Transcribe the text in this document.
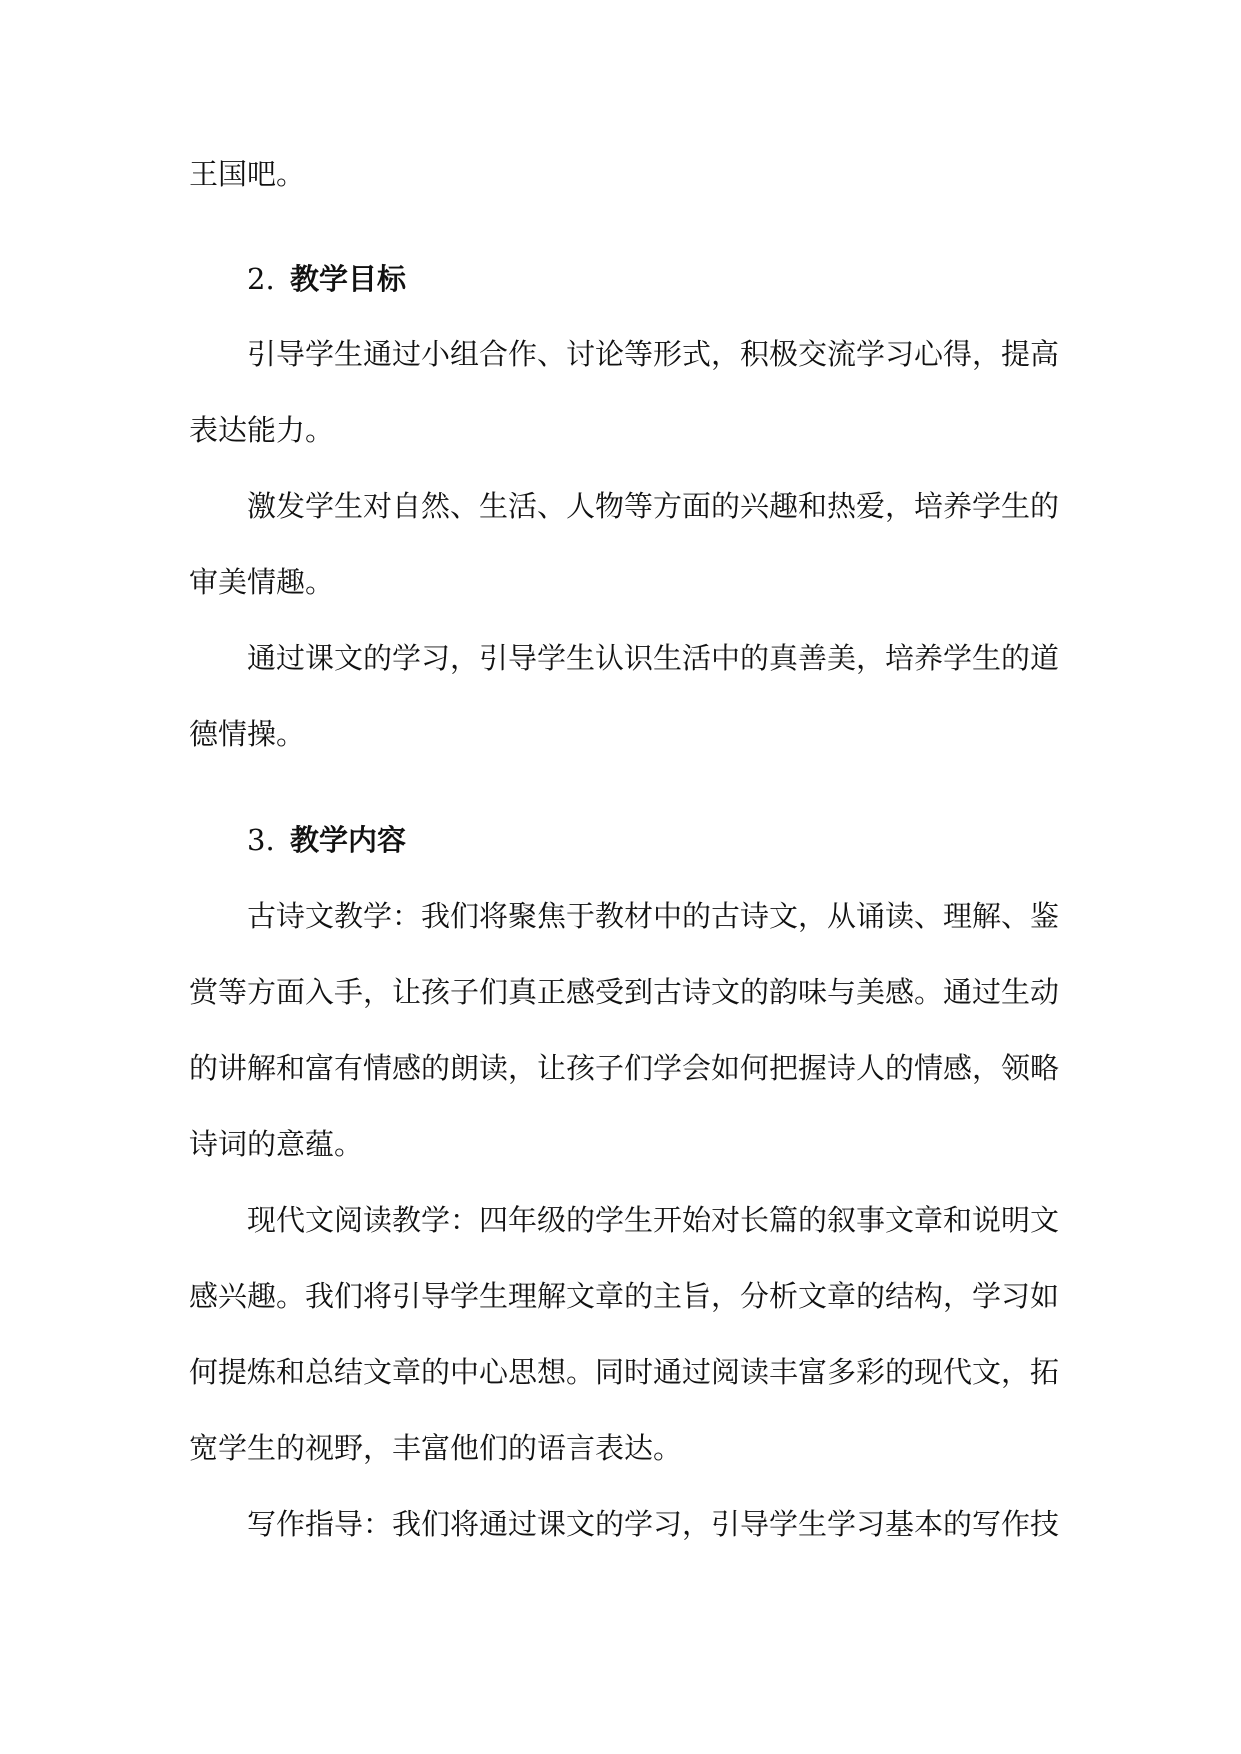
王国吧。
2. 教学目标
引导学生通过小组合作、讨论等形式，积极交流学习心得，提高
表达能力。
激发学生对自然、生活、人物等方面的兴趣和热爱，培养学生的
审美情趣。
通过课文的学习，引导学生认识生活中的真善美，培养学生的道
德情操。
3. 教学内容
古诗文教学：我们将聚焦于教材中的古诗文，从诵读、理解、鉴
赏等方面入手，让孩子们真正感受到古诗文的韵味与美感。通过生动
的讲解和富有情感的朗读，让孩子们学会如何把握诗人的情感，领略
诗词的意蕴。
现代文阅读教学：四年级的学生开始对长篇的叙事文章和说明文
感兴趣。我们将引导学生理解文章的主旨，分析文章的结构，学习如
何提炼和总结文章的中心思想。同时通过阅读丰富多彩的现代文，拓
宽学生的视野，丰富他们的语言表达。
写作指导：我们将通过课文的学习，引导学生学习基本的写作技
